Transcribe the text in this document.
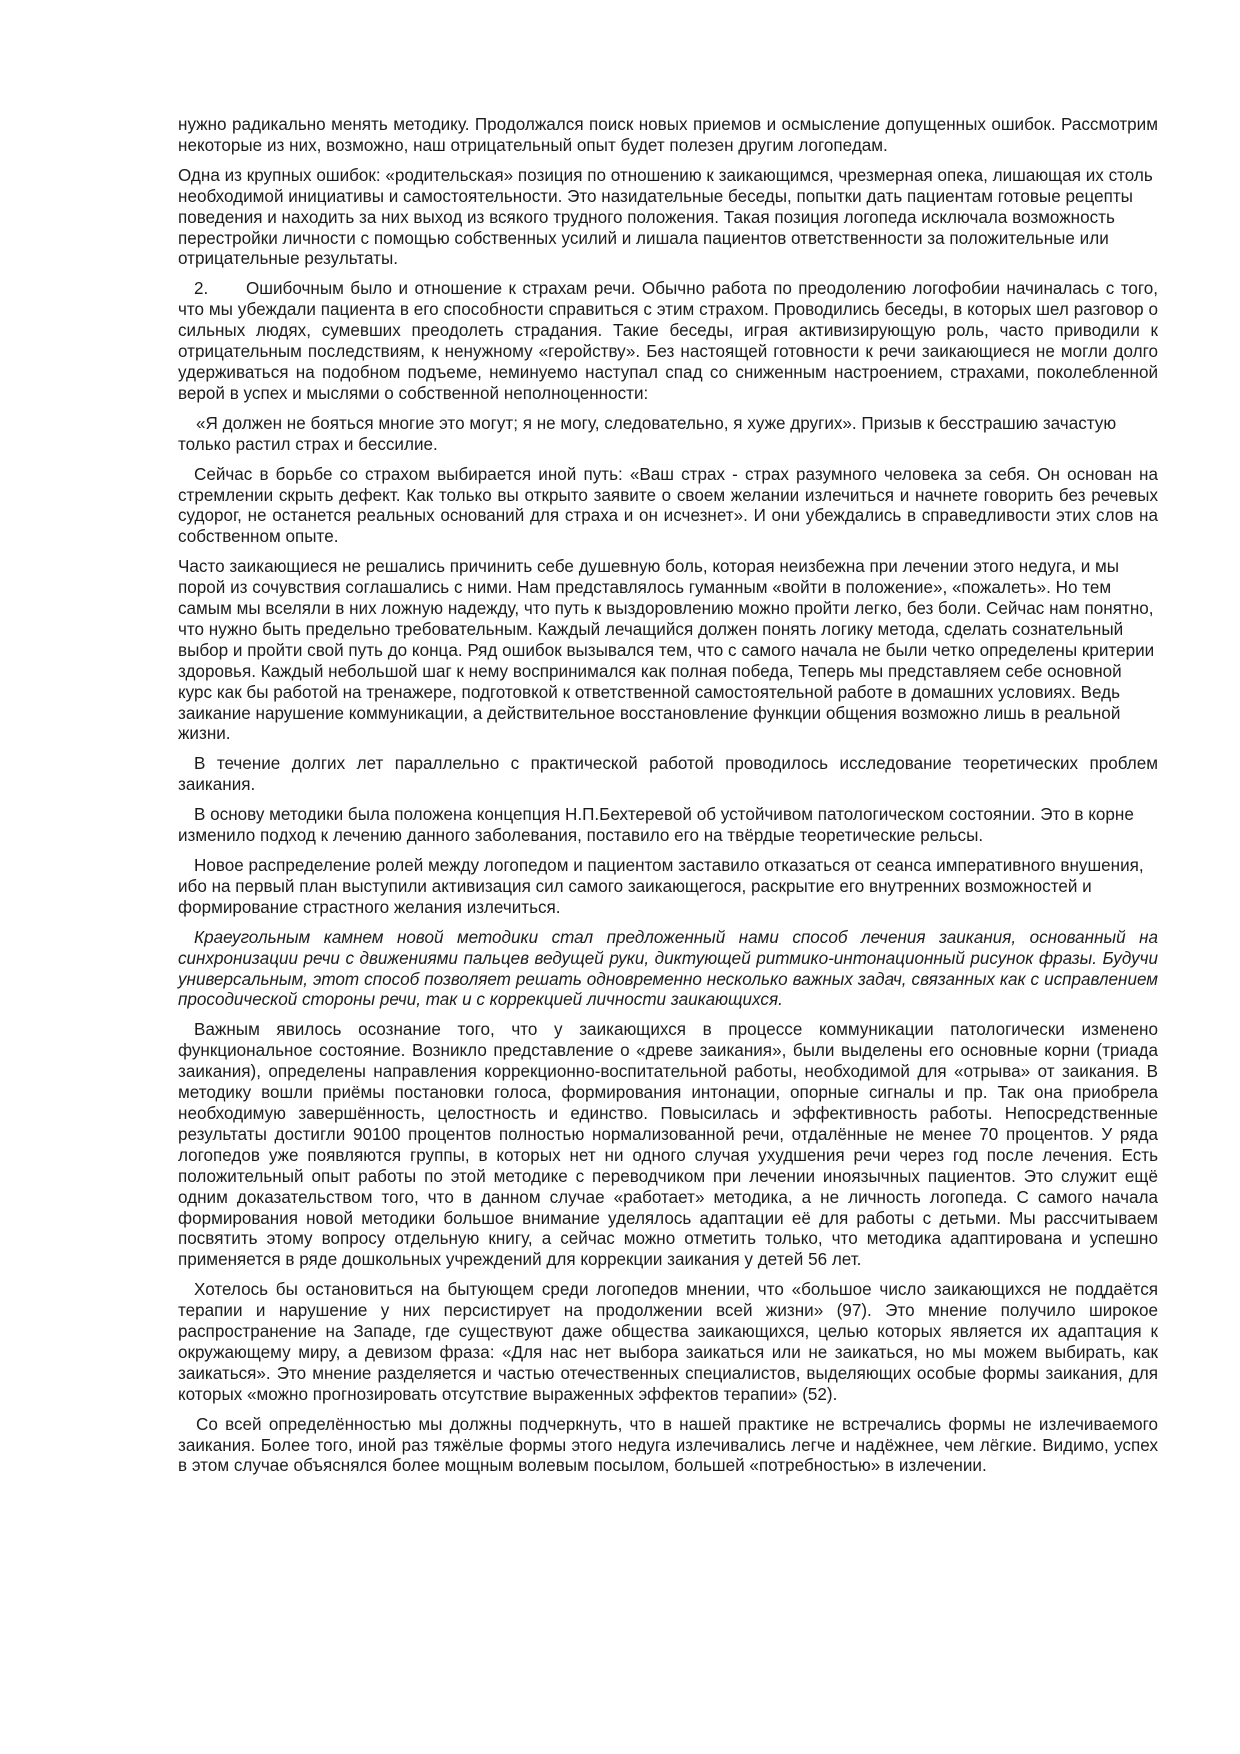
нужно радикально менять методику. Продолжался поиск новых приемов и осмысление допущенных ошибок. Рассмотрим некоторые из них, возможно, наш отрицательный опыт будет полезен другим логопедам.

Одна из крупных ошибок: «родительская» позиция по отношению к заикающимся, чрезмерная опека, лишающая их столь необходимой инициативы и самостоятельности. Это назидательные беседы, попытки дать пациентам готовые рецепты поведения и находить за них выход из всякого трудного положения. Такая позиция логопеда исключала возможность перестройки личности с помощью собственных усилий и лишала пациентов ответственности за положительные или отрицательные результаты.

2. Ошибочным было и отношение к страхам речи. Обычно работа по преодолению логофобии начиналась с того, что мы убеждали пациента в его способности справиться с этим страхом. Проводились беседы, в которых шел разговор о сильных людях, сумевших преодолеть страдания. Такие беседы, играя активизирующую роль, часто приводили к отрицательным последствиям, к ненужному «геройству». Без настоящей готовности к речи заикающиеся не могли долго удерживаться на подобном подъеме, неминуемо наступал спад со сниженным настроением, страхами, поколебленной верой в успех и мыслями о собственной неполноценности:

«Я должен не бояться многие это могут; я не могу, следовательно, я хуже других». Призыв к бесстрашию зачастую только растил страх и бессилие.

Сейчас в борьбе со страхом выбирается иной путь: «Ваш страх - страх разумного человека за себя. Он основан на стремлении скрыть дефект. Как только вы открыто заявите о своем желании излечиться и начнете говорить без речевых судорог, не останется реальных оснований для страха и он исчезнет». И они убеждались в справедливости этих слов на собственном опыте.

Часто заикающиеся не решались причинить себе душевную боль, которая неизбежна при лечении этого недуга, и мы порой из сочувствия соглашались с ними. Нам представлялось гуманным «войти в положение», «пожалеть». Но тем самым мы вселяли в них ложную надежду, что путь к выздоровлению можно пройти легко, без боли. Сейчас нам понятно, что нужно быть предельно требовательным. Каждый лечащийся должен понять логику метода, сделать сознательный выбор и пройти свой путь до конца. Ряд ошибок вызывался тем, что с самого начала не были четко определены критерии здоровья. Каждый небольшой шаг к нему воспринимался как полная победа, Теперь мы представляем себе основной курс как бы работой на тренажере, подготовкой к ответственной самостоятельной работе в домашних условиях. Ведь заикание нарушение коммуникации, а действительное восстановление функции общения возможно лишь в реальной жизни.

В течение долгих лет параллельно с практической работой проводилось исследование теоретических проблем заикания.

В основу методики была положена концепция Н.П.Бехтеревой об устойчивом патологическом состоянии. Это в корне изменило подход к лечению данного заболевания, поставило его на твёрдые теоретические рельсы.

Новое распределение ролей между логопедом и пациентом заставило отказаться от сеанса императивного внушения, ибо на первый план выступили активизация сил самого заикающегося, раскрытие его внутренних возможностей и формирование страстного желания излечиться.

Краеугольным камнем новой методики стал предложенный нами способ лечения заикания, основанный на синхронизации речи с движениями пальцев ведущей руки, диктующей ритмико-интонационный рисунок фразы. Будучи универсальным, этот способ позволяет решать одновременно несколько важных задач, связанных как с исправлением просодической стороны речи, так и с коррекцией личности заикающихся.

Важным явилось осознание того, что у заикающихся в процессе коммуникации патологически изменено функциональное состояние. Возникло представление о «древе заикания», были выделены его основные корни (триада заикания), определены направления коррекционно-воспитательной работы, необходимой для «отрыва» от заикания. В методику вошли приёмы постановки голоса, формирования интонации, опорные сигналы и пр. Так она приобрела необходимую завершённость, целостность и единство. Повысилась и эффективность работы. Непосредственные результаты достигли 90100 процентов полностью нормализованной речи, отдалённые не менее 70 процентов. У ряда логопедов уже появляются группы, в которых нет ни одного случая ухудшения речи через год после лечения. Есть положительный опыт работы по этой методике с переводчиком при лечении иноязычных пациентов. Это служит ещё одним доказательством того, что в данном случае «работает» методика, а не личность логопеда. С самого начала формирования новой методики большое внимание уделялось адаптации её для работы с детьми. Мы рассчитываем посвятить этому вопросу отдельную книгу, а сейчас можно отметить только, что методика адаптирована и успешно применяется в ряде дошкольных учреждений для коррекции заикания у детей 56 лет.

Хотелось бы остановиться на бытующем среди логопедов мнении, что «большое число заикающихся не поддаётся терапии и нарушение у них персистирует на продолжении всей жизни» (97). Это мнение получило широкое распространение на Западе, где существуют даже общества заикающихся, целью которых является их адаптация к окружающему миру, а девизом фраза: «Для нас нет выбора заикаться или не заикаться, но мы можем выбирать, как заикаться». Это мнение разделяется и частью отечественных специалистов, выделяющих особые формы заикания, для которых «можно прогнозировать отсутствие выраженных эффектов терапии» (52).

Со всей определённостью мы должны подчеркнуть, что в нашей практике не встречались формы не излечиваемого заикания. Более того, иной раз тяжёлые формы этого недуга излечивались легче и надёжнее, чем лёгкие. Видимо, успех в этом случае объяснялся более мощным волевым посылом, большей «потребностью» в излечении.
